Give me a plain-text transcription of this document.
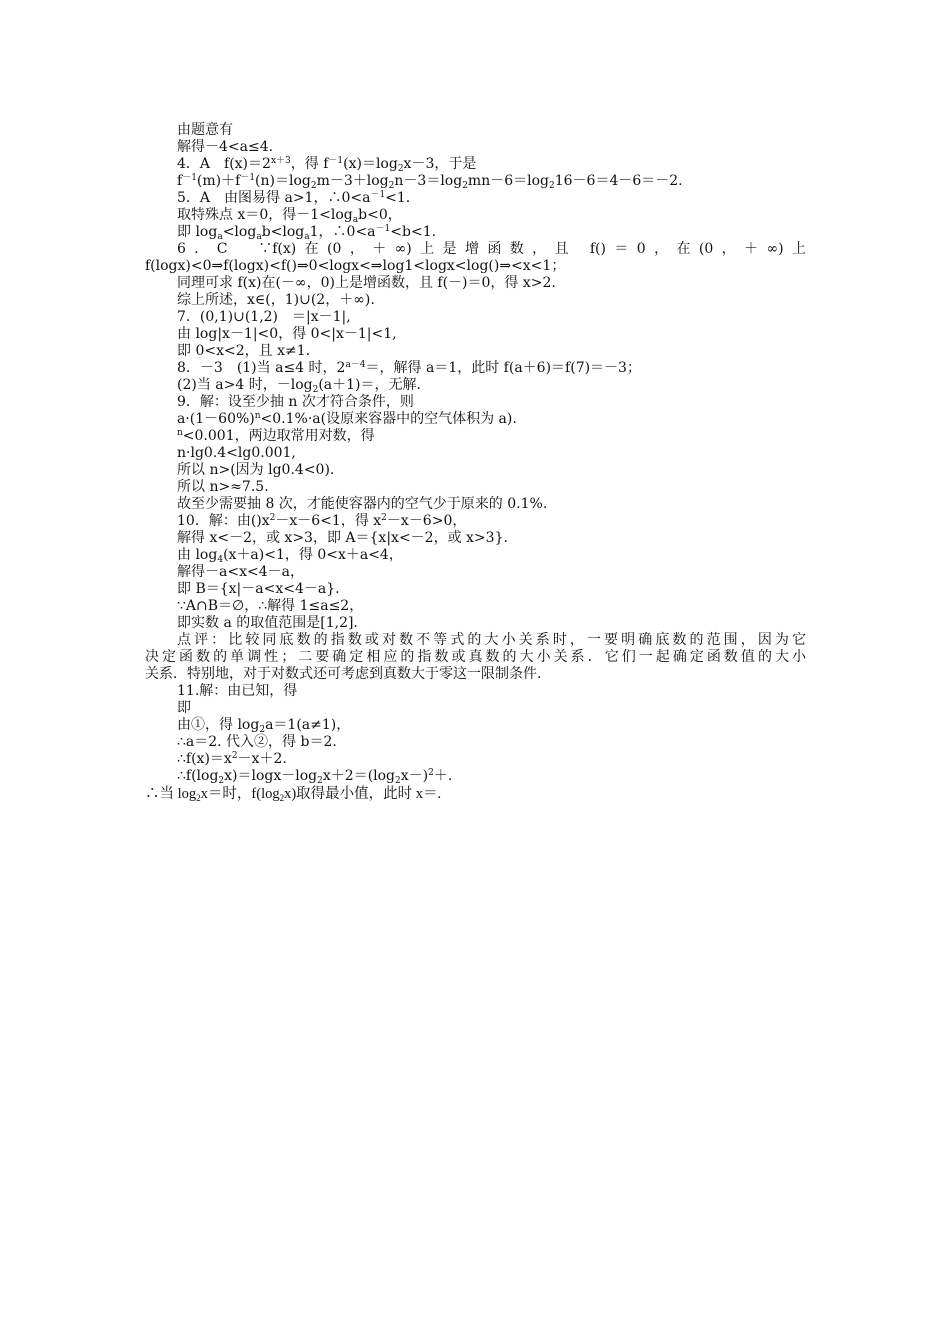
由题意有
解得－4<a≤4.
4．A　$f(x)=2^{x+3}$，得 $f^{-1}(x)=\log_2x-3$，于是
$f^{-1}(m)+f^{-1}(n)=\log_2m-3+\log_2n-3=\log_2mn-6=\log_216-6=4-6=-2$.
5．A　由图易得 a>1，$\therefore 0<a^{-1}<1$.
取特殊点 x＝0，得$-1<\log_ab<0$，
即 $\log_a<\log_ab<\log_a1$，$\therefore 0<a^{-1}<b<1$.
6．C　∵f(x)在(0，＋∞)上是增函数，且 f()＝0，在(0，＋∞)上
f(logx)<0⇒f(logx)<f()⇒0<logx<⇒log1<logx<log()⇒<x<1；
同理可求 f(x)在(－∞，0)上是增函数，且 f(－)＝0，得 x>2.
综上所述，x∈(，1)∪(2，＋∞).
7．(0,1)∪(1,2)　＝|x－1|,
由 log|x－1|<0，得 0<|x－1|<1,
即 0<x<2，且 x≠1.
8．－3　(1)当 a≤4 时，$2^{a-4}=$，解得 a＝1，此时 f(a＋6)＝f(7)＝－3；
(2)当 a>4 时，$-\log_2(a+1)=$，无解.
9．解：设至少抽 n 次才符合条件，则
$a\cdot(1-60\%)^n<0.1\%\cdot a$(设原来容器中的空气体积为 a).
$^n$<0.001，两边取常用对数，得
n·lg0.4<lg0.001,
所以 n>(因为 lg0.4<0).
所以 n>≈7.5.
故至少需要抽 8 次，才能使容器内的空气少于原来的 0.1%.
10．解：由$()x^2-x-6<1$，得 $x^2-x-6>0$，
解得 x<－2，或 x>3，即 A＝{x|x<－2，或 x>3}.
由 $\log_4(x+a)<1$，得 0<x＋a<4，
解得－a<x<4－a，
即 B＝{x|－a<x<4－a}.
∵A∩B＝∅，∴解得 1≤a≤2，
即实数 a 的取值范围是[1,2].
点评：比较同底数的指数或对数不等式的大小关系时，一要明确底数的范围，因为它
决定函数的单调性；二要确定相应的指数或真数的大小关系．它们一起确定函数值的大小
关系．特别地，对于对数式还可考虑到真数大于零这一限制条件.
11.解：由已知，得
即
由①，得 $\log_2a=1(a\ne 1)$，
∴a＝2. 代入②，得 b＝2.
$\therefore f(x)=x^2-x+2$.
$\therefore f(\log_2x)=\log x-\log_2x+2=(\log_2x-)^2+$.
∴当 $\log_2x=$时，$f(\log_2x)$取得最小值，此时 x＝.
